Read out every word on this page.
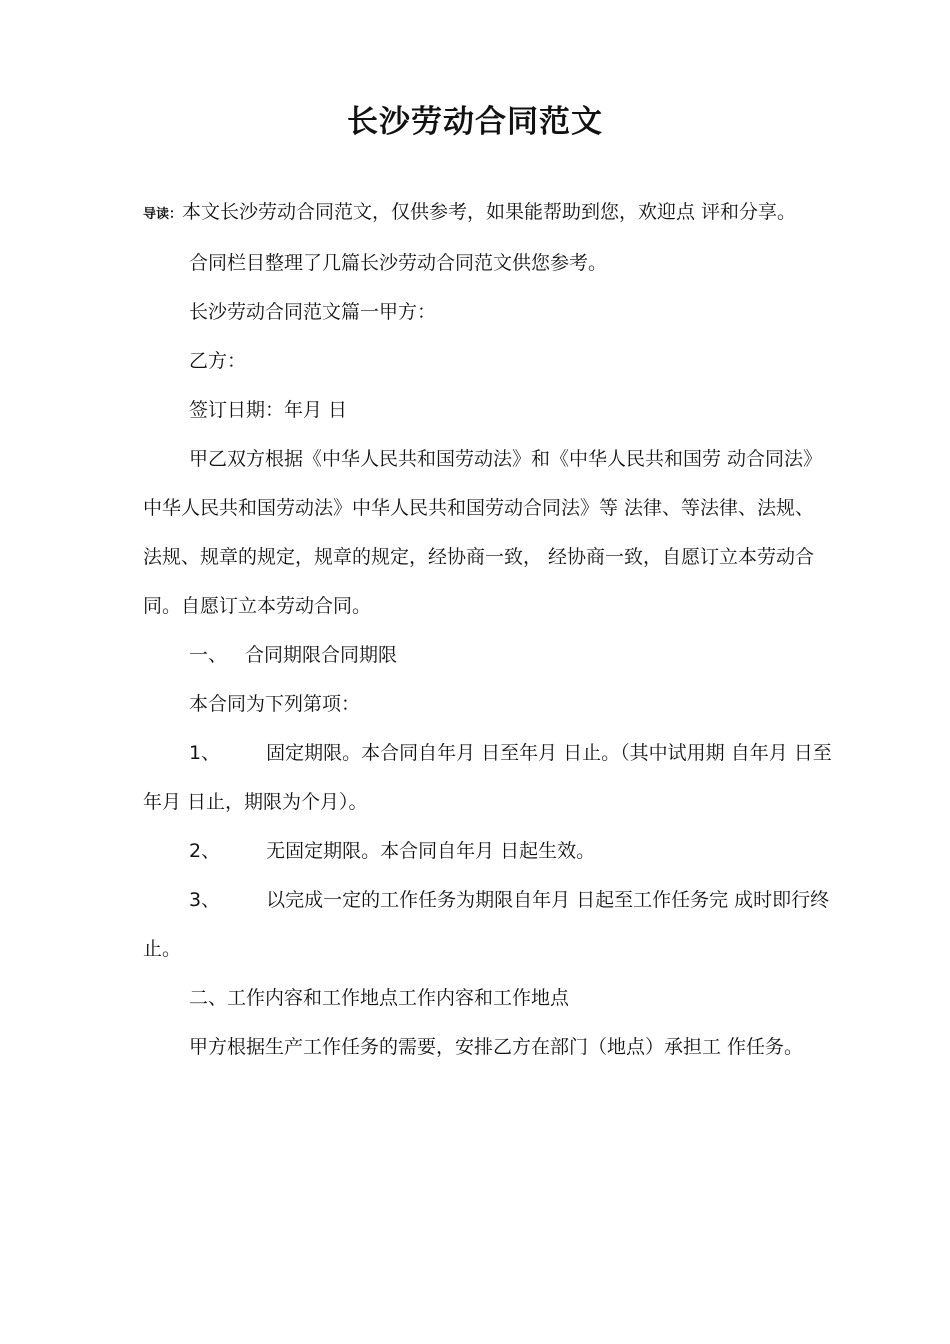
长沙劳动合同范文

导读：本文长沙劳动合同范文，仅供参考，如果能帮助到您，欢迎点 评和分享。

合同栏目整理了几篇长沙劳动合同范文供您参考。

长沙劳动合同范文篇一甲方：

乙方：

签订日期：年月 日

甲乙双方根据《中华人民共和国劳动法》和《中华人民共和国劳 动合同法》中华人民共和国劳动法》中华人民共和国劳动合同法》等 法律、等法律、法规、法规、规章的规定，规章的规定，经协商一致， 经协商一致，自愿订立本劳动合同。自愿订立本劳动合同。

一、 合同期限合同期限

本合同为下列第项：

1、 固定期限。本合同自年月 日至年月 日止。（其中试用期 自年月 日至年月 日止，期限为个月）。

2、 无固定期限。本合同自年月 日起生效。

3、 以完成一定的工作任务为期限自年月 日起至工作任务完 成时即行终止。

二、工作内容和工作地点工作内容和工作地点

甲方根据生产工作任务的需要，安排乙方在部门（地点）承担工 作任务。
